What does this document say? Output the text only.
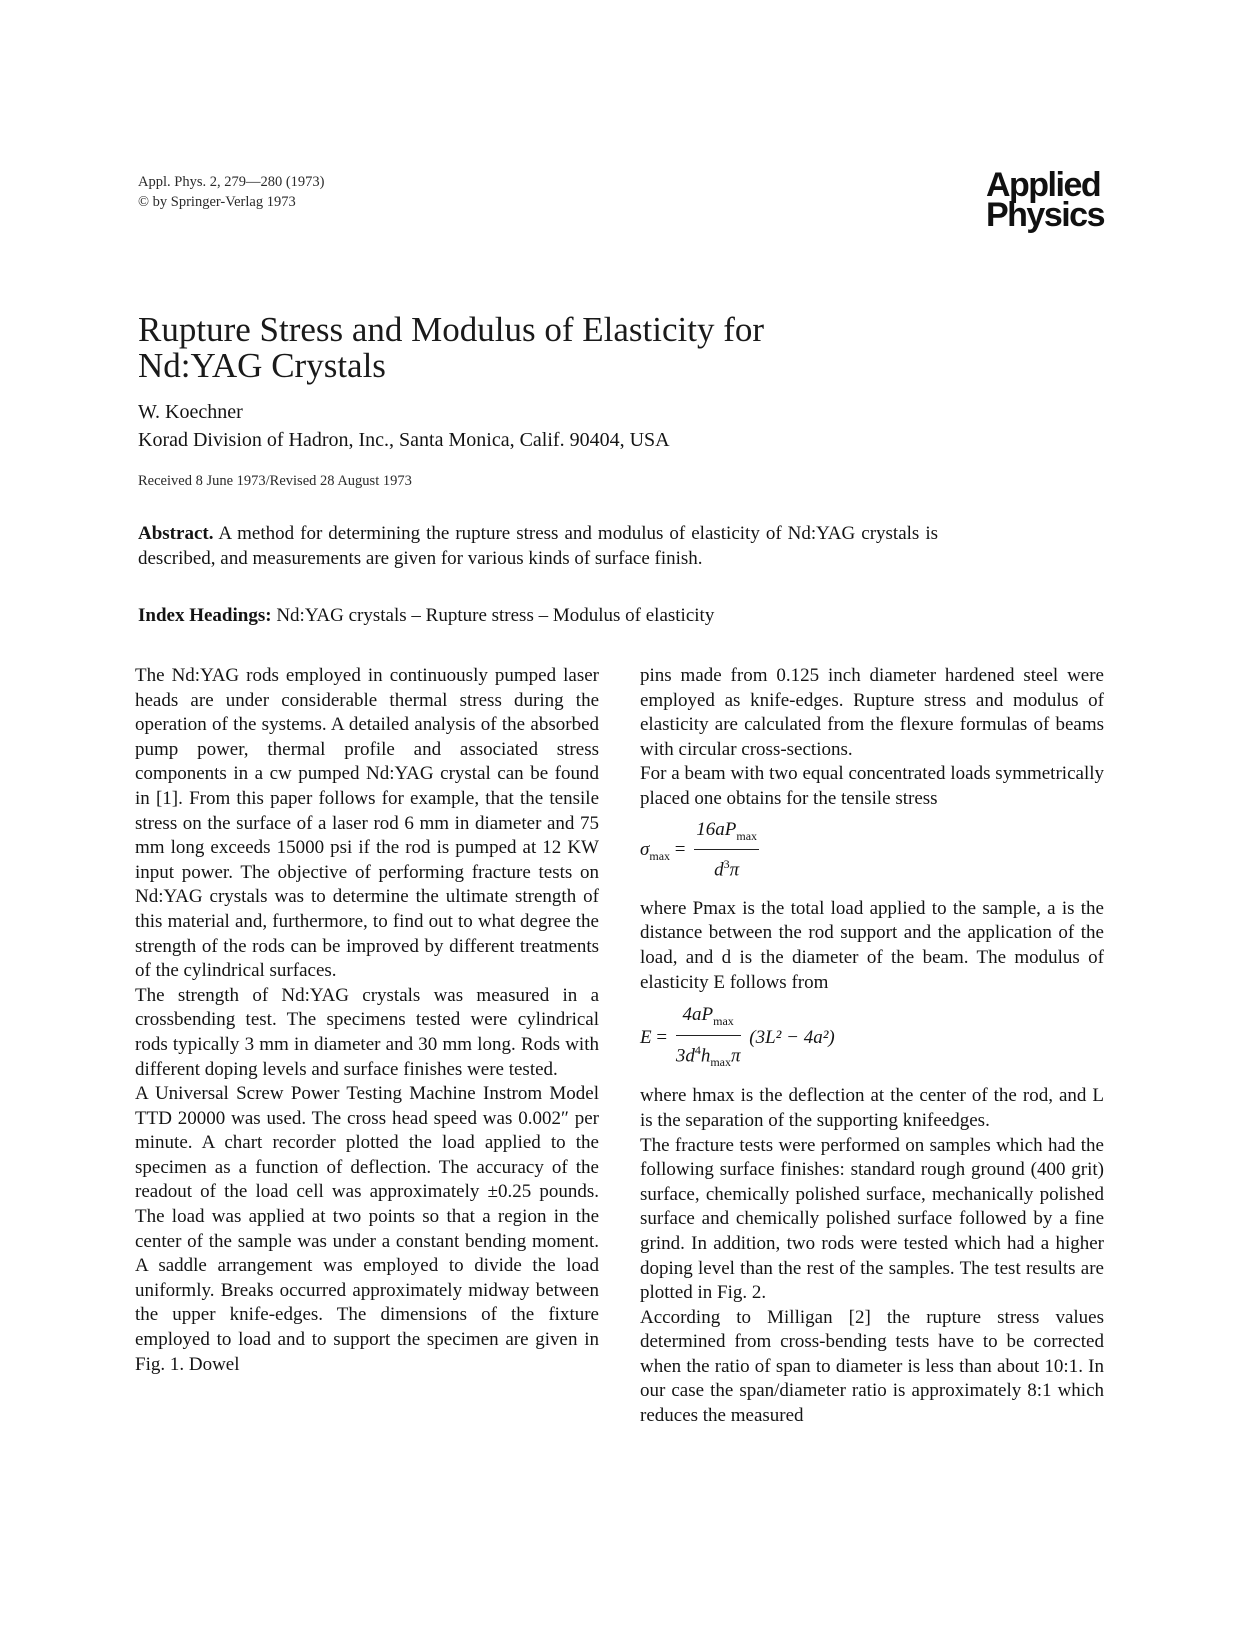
Appl. Phys. 2, 279—280 (1973)
© by Springer-Verlag 1973	Applied
Physics
Rupture Stress and Modulus of Elasticity for Nd:YAG Crystals
W. Koechner
Korad Division of Hadron, Inc., Santa Monica, Calif. 90404, USA
Received 8 June 1973/Revised 28 August 1973
Abstract. A method for determining the rupture stress and modulus of elasticity of Nd:YAG crystals is described, and measurements are given for various kinds of surface finish.
Index Headings: Nd:YAG crystals – Rupture stress – Modulus of elasticity

The Nd:YAG rods employed in continuously pumped laser heads are under considerable thermal stress during the operation of the systems. A detailed analysis of the absorbed pump power, thermal profile and associated stress components in a cw pumped Nd:YAG crystal can be found in [1]. From this paper follows for example, that the tensile stress on the surface of a laser rod 6 mm in diameter and 75 mm long exceeds 15000 psi if the rod is pumped at 12 KW input power. The objective of performing fracture tests on Nd:YAG crystals was to determine the ultimate strength of this material and, furthermore, to find out to what degree the strength of the rods can be improved by different treatments of the cylindrical surfaces.

The strength of Nd:YAG crystals was measured in a crossbending test. The specimens tested were cylindrical rods typically 3 mm in diameter and 30 mm long. Rods with different doping levels and surface finishes were tested.

A Universal Screw Power Testing Machine Instrom Model TTD 20000 was used. The cross head speed was 0.002″ per minute. A chart recorder plotted the load applied to the specimen as a function of deflection. The accuracy of the readout of the load cell was approximately ±0.25 pounds. The load was applied at two points so that a region in the center of the sample was under a constant bending moment. A saddle arrangement was employed to divide the load uniformly. Breaks occurred approximately midway between the upper knife-edges. The dimensions of the fixture employed to load and to support the specimen are given in Fig. 1. Dowel

pins made from 0.125 inch diameter hardened steel were employed as knife-edges. Rupture stress and modulus of elasticity are calculated from the flexure formulas of beams with circular cross-sections.

For a beam with two equal concentrated loads symmetrically placed one obtains for the tensile stress

$\sigma_{max} = \frac{16aP_{max}}{d^3\pi}$

where Pmax is the total load applied to the sample, a is the distance between the rod support and the application of the load, and d is the diameter of the beam. The modulus of elasticity E follows from

$E = \frac{4aP_{max}}{3d^4h_{max}\pi} (3L^2 - 4a^2)$

where hmax is the deflection at the center of the rod, and L is the separation of the supporting knifeedges.

The fracture tests were performed on samples which had the following surface finishes: standard rough ground (400 grit) surface, chemically polished surface, mechanically polished surface and chemically polished surface followed by a fine grind. In addition, two rods were tested which had a higher doping level than the rest of the samples. The test results are plotted in Fig. 2.

According to Milligan [2] the rupture stress values determined from cross-bending tests have to be corrected when the ratio of span to diameter is less than about 10:1. In our case the span/diameter ratio is approximately 8:1 which reduces the measured
